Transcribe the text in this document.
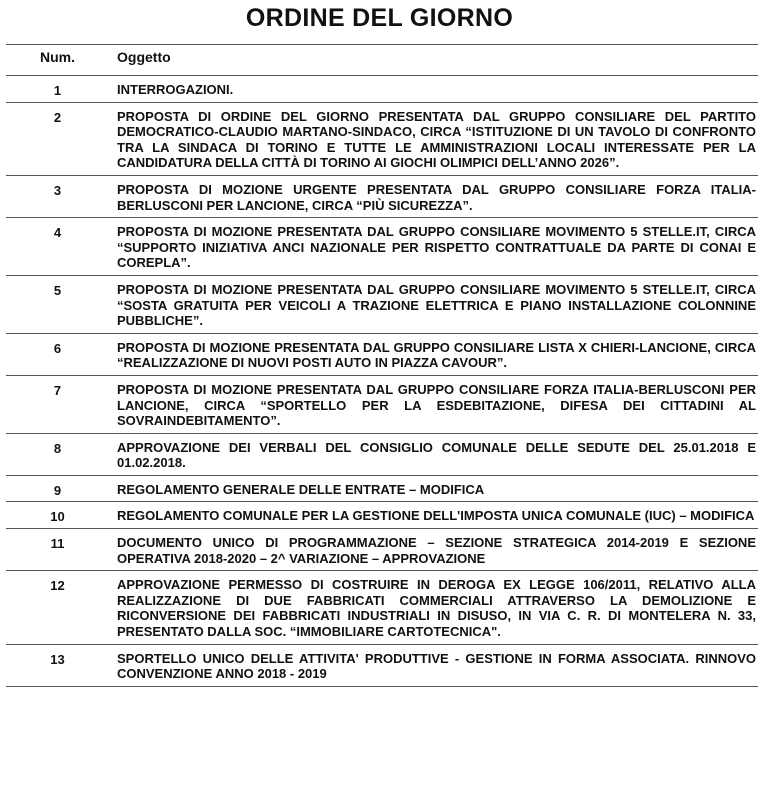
ORDINE DEL GIORNO
Num.	Oggetto
1	INTERROGAZIONI.
2	PROPOSTA DI ORDINE DEL GIORNO PRESENTATA DAL GRUPPO CONSILIARE DEL PARTITO DEMOCRATICO-CLAUDIO MARTANO-SINDACO, CIRCA “ISTITUZIONE DI UN TAVOLO DI CONFRONTO TRA LA SINDACA DI TORINO E TUTTE LE AMMINISTRAZIONI LOCALI INTERESSATE PER LA CANDIDATURA DELLA CITTÀ DI TORINO AI GIOCHI OLIMPICI DELL’ANNO 2026”.
3	PROPOSTA DI MOZIONE URGENTE PRESENTATA DAL GRUPPO CONSILIARE FORZA ITALIA-BERLUSCONI PER LANCIONE, CIRCA “PIÙ SICUREZZA”.
4	PROPOSTA DI MOZIONE PRESENTATA DAL GRUPPO CONSILIARE MOVIMENTO 5 STELLE.IT, CIRCA “SUPPORTO INIZIATIVA ANCI NAZIONALE PER RISPETTO CONTRATTUALE DA PARTE DI CONAI E COREPLA”.
5	PROPOSTA DI MOZIONE PRESENTATA DAL GRUPPO CONSILIARE MOVIMENTO 5 STELLE.IT, CIRCA “SOSTA GRATUITA PER VEICOLI A TRAZIONE ELETTRICA E PIANO INSTALLAZIONE COLONNINE PUBBLICHE”.
6	PROPOSTA DI MOZIONE PRESENTATA DAL GRUPPO CONSILIARE LISTA X CHIERI-LANCIONE, CIRCA “REALIZZAZIONE DI NUOVI POSTI AUTO IN PIAZZA CAVOUR”.
7	PROPOSTA DI MOZIONE PRESENTATA DAL GRUPPO CONSILIARE FORZA ITALIA-BERLUSCONI PER LANCIONE, CIRCA “SPORTELLO PER LA ESDEBITAZIONE, DIFESA DEI CITTADINI AL SOVRAINDEBITAMENTO”.
8	APPROVAZIONE DEI VERBALI DEL CONSIGLIO COMUNALE DELLE SEDUTE DEL 25.01.2018 E 01.02.2018.
9	REGOLAMENTO GENERALE DELLE ENTRATE – MODIFICA
10	REGOLAMENTO COMUNALE PER LA GESTIONE DELL'IMPOSTA UNICA COMUNALE (IUC) – MODIFICA
11	DOCUMENTO UNICO DI PROGRAMMAZIONE – SEZIONE STRATEGICA 2014-2019 E SEZIONE OPERATIVA 2018-2020 – 2^ VARIAZIONE – APPROVAZIONE
12	APPROVAZIONE PERMESSO DI COSTRUIRE IN DEROGA EX LEGGE 106/2011, RELATIVO ALLA REALIZZAZIONE DI DUE FABBRICATI COMMERCIALI ATTRAVERSO LA DEMOLIZIONE E RICONVERSIONE DEI FABBRICATI INDUSTRIALI IN DISUSO, IN VIA C. R. DI MONTELERA N. 33, PRESENTATO DALLA SOC. “IMMOBILIARE CARTOTECNICA".
13	SPORTELLO UNICO DELLE ATTIVITA' PRODUTTIVE - GESTIONE IN FORMA ASSOCIATA. RINNOVO CONVENZIONE ANNO 2018 - 2019
